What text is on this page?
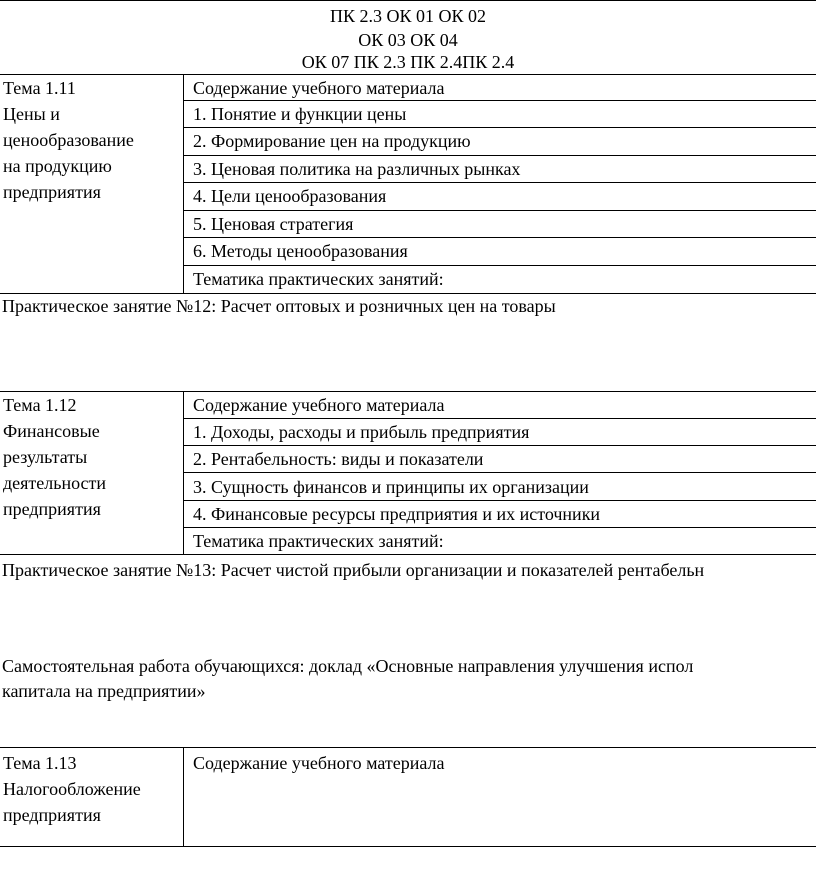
ПК 2.3 ОК 01 ОК 02
ОК 03 ОК 04
ОК 07 ПК 2.3 ПК 2.4ПК 2.4
Тема 1.11
Цены и
ценообразование
на продукцию
предприятия
Содержание учебного материала
1. Понятие и функции цены
2. Формирование цен на продукцию
3. Ценовая политика на различных рынках
4. Цели ценообразования
5. Ценовая стратегия
6. Методы ценообразования
Тематика практических занятий:
Практическое занятие №12: Расчет оптовых и розничных цен на товары
Тема 1.12
Финансовые
результаты
деятельности
предприятия
Содержание учебного материала
1. Доходы, расходы и прибыль предприятия
2. Рентабельность: виды и показатели
3. Сущность финансов и принципы их организации
4. Финансовые ресурсы предприятия и их источники
Тематика практических занятий:
Практическое занятие №13: Расчет чистой прибыли организации и показателей рентабельн
Самостоятельная работа обучающихся: доклад «Основные направления улучшения испол
капитала на предприятии»
Тема 1.13
Налогообложение
предприятия
Содержание учебного материала
